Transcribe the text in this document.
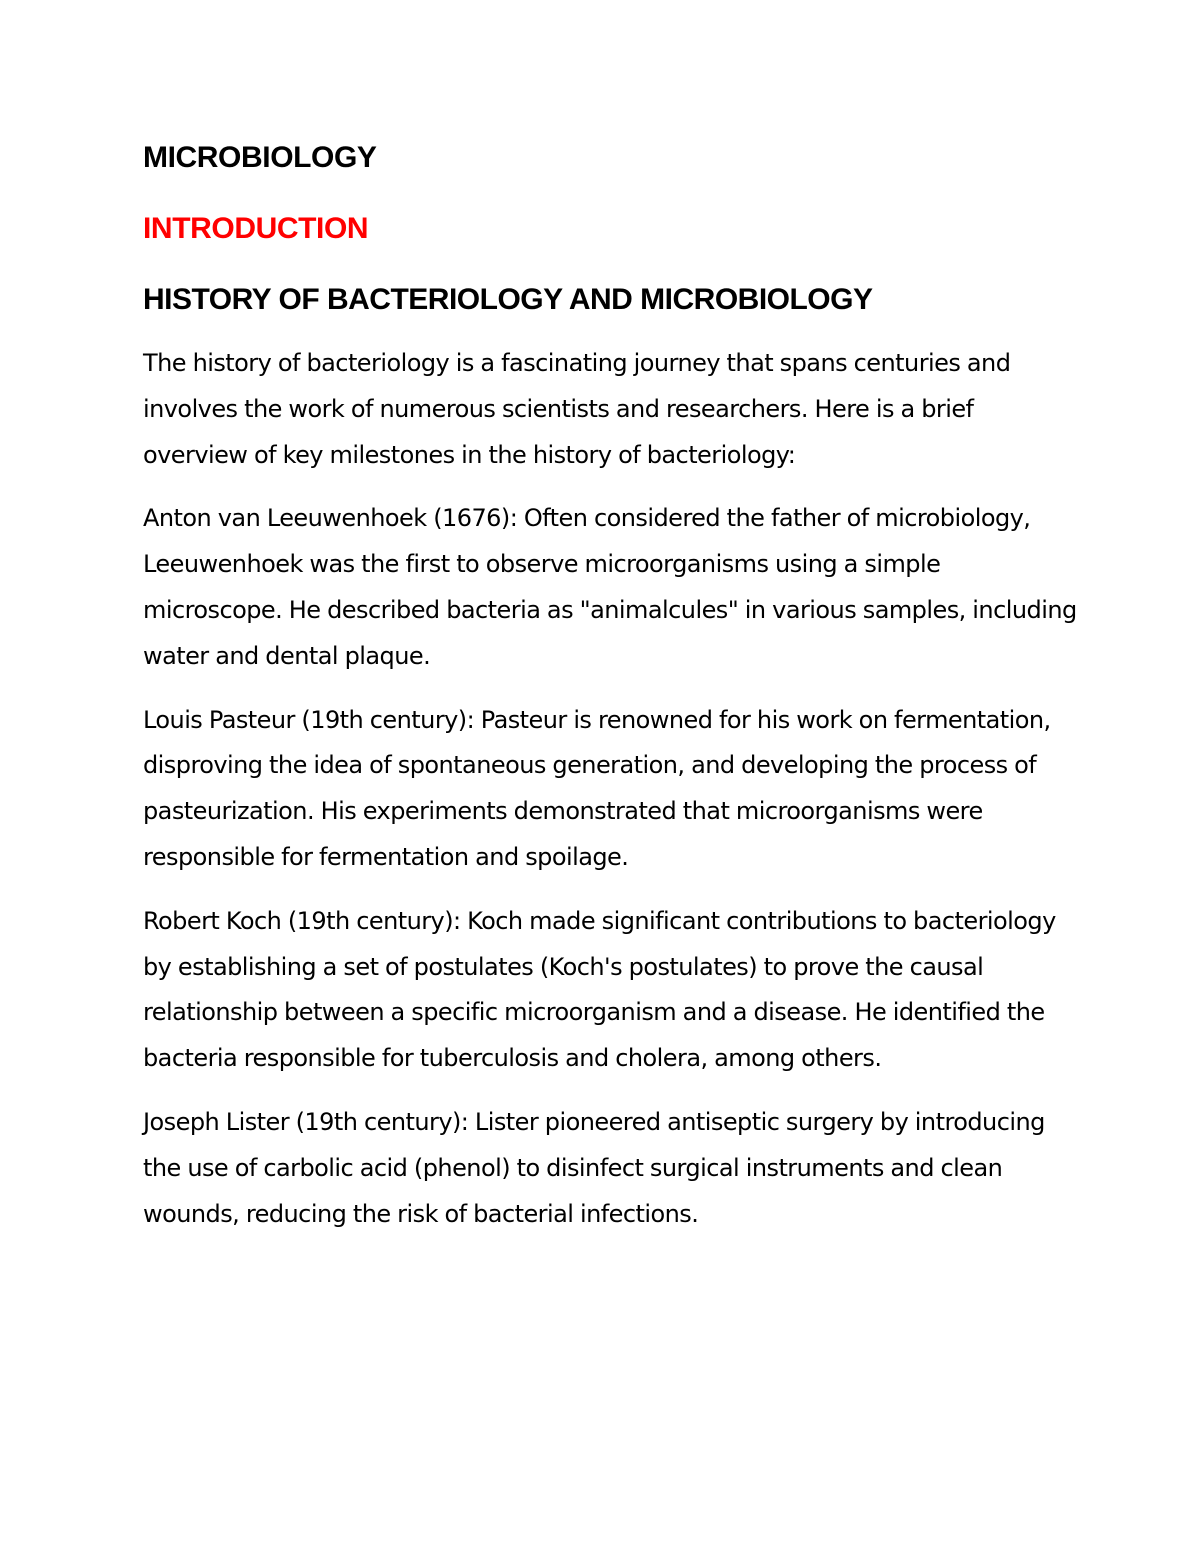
MICROBIOLOGY
INTRODUCTION
HISTORY OF BACTERIOLOGY AND MICROBIOLOGY

The history of bacteriology is a fascinating journey that spans centuries and involves the work of numerous scientists and researchers. Here is a brief overview of key milestones in the history of bacteriology:

Anton van Leeuwenhoek (1676): Often considered the father of microbiology, Leeuwenhoek was the first to observe microorganisms using a simple microscope. He described bacteria as "animalcules" in various samples, including water and dental plaque.

Louis Pasteur (19th century): Pasteur is renowned for his work on fermentation, disproving the idea of spontaneous generation, and developing the process of pasteurization. His experiments demonstrated that microorganisms were responsible for fermentation and spoilage.

Robert Koch (19th century): Koch made significant contributions to bacteriology by establishing a set of postulates (Koch's postulates) to prove the causal relationship between a specific microorganism and a disease. He identified the bacteria responsible for tuberculosis and cholera, among others.

Joseph Lister (19th century): Lister pioneered antiseptic surgery by introducing the use of carbolic acid (phenol) to disinfect surgical instruments and clean wounds, reducing the risk of bacterial infections.
